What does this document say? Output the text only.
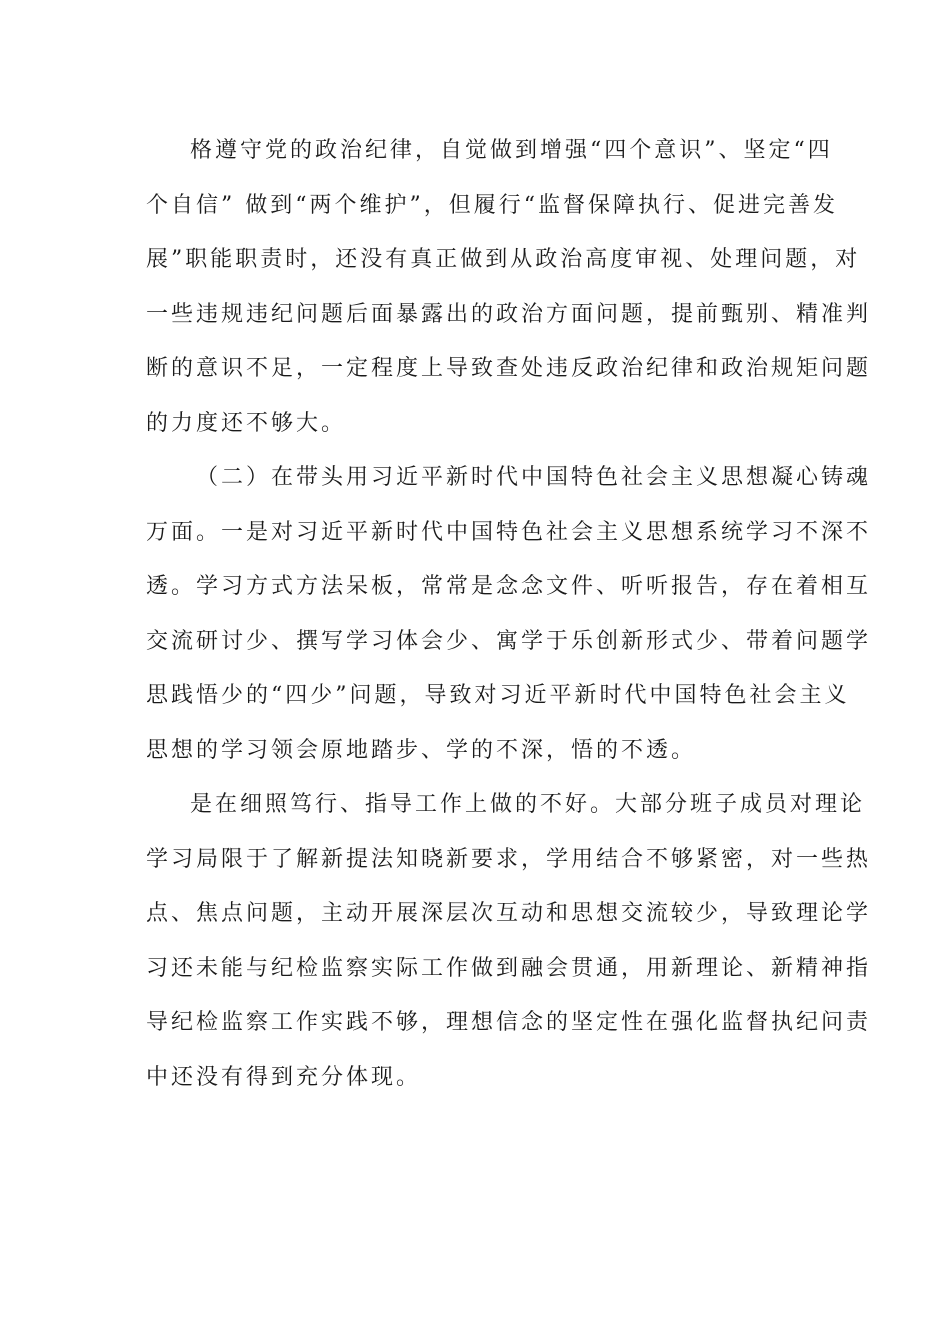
格遵守党的政治纪律，自觉做到增强“四个意识”、坚定“四
个自信” 做到“两个维护”，但履行“监督保障执行、促进完善发
展”职能职责时，还没有真正做到从政治高度审视、处理问题，对
一些违规违纪问题后面暴露出的政治方面问题，提前甄别、精准判
断的意识不足，一定程度上导致查处违反政治纪律和政治规矩问题
的力度还不够大。
（二）在带头用习近平新时代中国特色社会主义思想凝心铸魂
万面。一是对习近平新时代中国特色社会主义思想系统学习不深不
透。学习方式方法呆板，常常是念念文件、听听报告，存在着相互
交流研讨少、撰写学习体会少、寓学于乐创新形式少、带着问题学
思践悟少的“四少”问题，导致对习近平新时代中国特色社会主义
思想的学习领会原地踏步、学的不深，悟的不透。
是在细照笃行、指导工作上做的不好。大部分班子成员对理论
学习局限于了解新提法知晓新要求，学用结合不够紧密，对一些热
点、焦点问题，主动开展深层次互动和思想交流较少，导致理论学
习还未能与纪检监察实际工作做到融会贯通，用新理论、新精神指
导纪检监察工作实践不够，理想信念的坚定性在强化监督执纪问责
中还没有得到充分体现。
